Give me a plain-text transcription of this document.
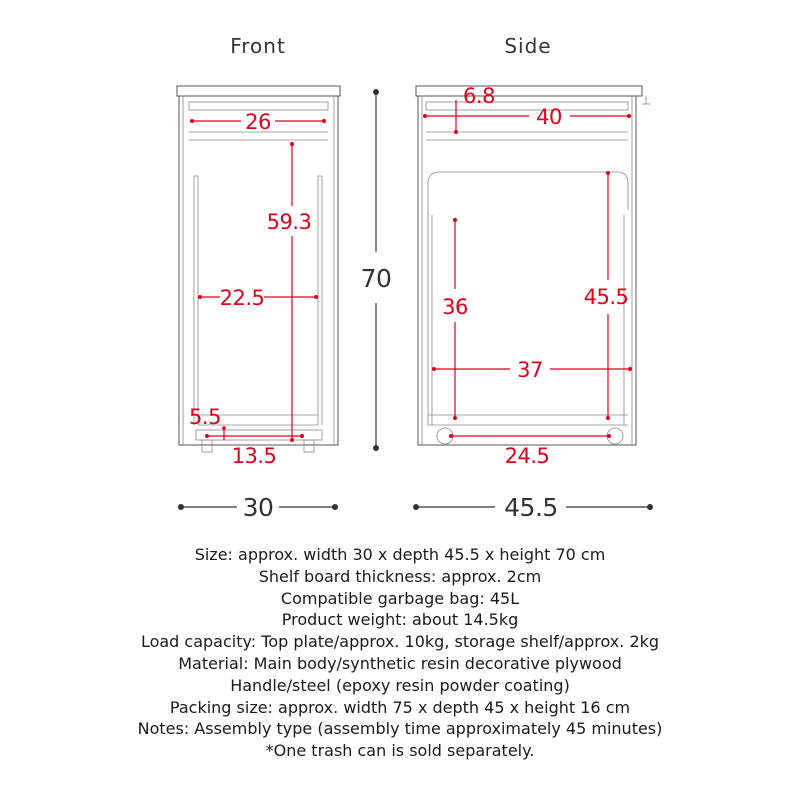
Front
26
59.3
22.5
5.5
13.5
30
70
Side
6.8
40
36	45.5
37
24.5
45.5
Size: approx. width 30 x depth 45.5 x height 70 cm
Shelf board thickness: approx. 2cm
Compatible garbage bag: 45L
Product weight: about 14.5kg
Load capacity: Top plate/approx. 10kg, storage shelf/approx. 2kg
Material: Main body/synthetic resin decorative plywood
Handle/steel (epoxy resin powder coating)
Packing size: approx. width 75 x depth 45 x height 16 cm
Notes: Assembly type (assembly time approximately 45 minutes)
*One trash can is sold separately.
